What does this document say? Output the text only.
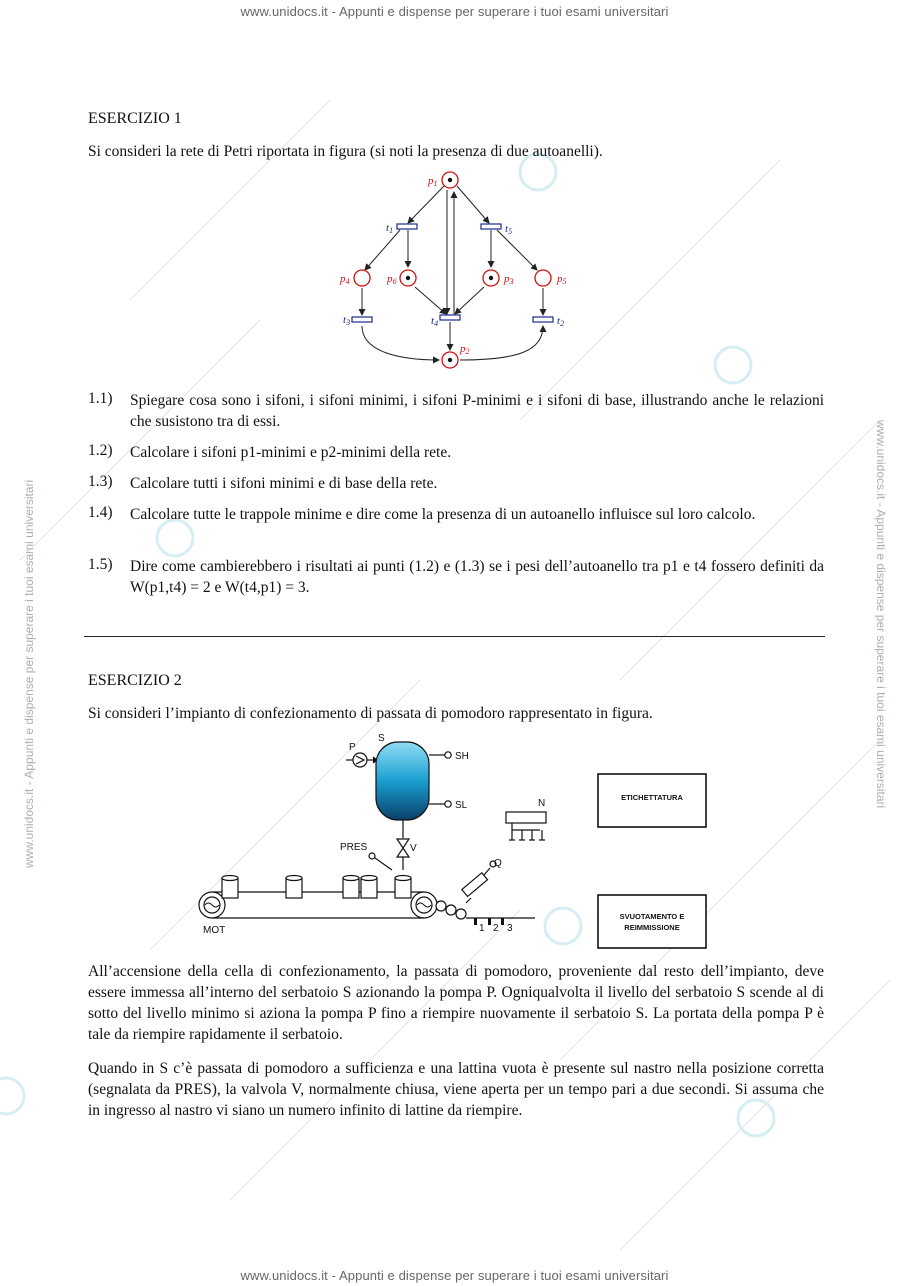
www.unidocs.it - Appunti e dispense per superare i tuoi esami universitari
www.unidocs.it - Appunti e dispense per superare i tuoi esami universitari
www.unidocs.it - Appunti e dispense per superare i tuoi esami universitari	www.unidocs.it - Appunti e dispense per superare i tuoi esami universitari
ESERCIZIO 1
Si consideri la rete di Petri riportata in figura (si noti la presenza di due autoanelli).
p1
p2
p3
p4	p5
p6
t1	t5
t3	t4	t2
1.1) Spiegare cosa sono i sifoni, i sifoni minimi, i sifoni P-minimi e i sifoni di base, illustrando anche le relazioni che susistono tra di essi.
1.2) Calcolare i sifoni p1-minimi e p2-minimi della rete.
1.3) Calcolare tutti i sifoni minimi e di base della rete.
1.4) Calcolare tutte le trappole minime e dire come la presenza di un autoanello influisce sul loro calcolo.
1.5) Dire come cambierebbero i risultati ai punti (1.2) e (1.3) se i pesi dell’autoanello tra p1 e t4 fossero definiti da W(p1,t4) = 2 e W(t4,p1) = 3.
ESERCIZIO 2
Si consideri l’impianto di confezionamento di passata di pomodoro rappresentato in figura.
P
S
SH
SL
PRES	V
MOT
Q
N
1 2 3
ETICHETTATURA
SVUOTAMENTO E
REIMMISSIONE
All’accensione della cella di confezionamento, la passata di pomodoro, proveniente dal resto dell’impianto, deve essere immessa all’interno del serbatoio S azionando la pompa P. Ogniqualvolta il livello del serbatoio S scende al di sotto del livello minimo si aziona la pompa P fino a riempire nuovamente il serbatoio S. La portata della pompa P è tale da riempire rapidamente il serbatoio.
Quando in S c’è passata di pomodoro a sufficienza e una lattina vuota è presente sul nastro nella posizione corretta (segnalata da PRES), la valvola V, normalmente chiusa, viene aperta per un tempo pari a due secondi. Si assuma che in ingresso al nastro vi siano un numero infinito di lattine da riempire.
